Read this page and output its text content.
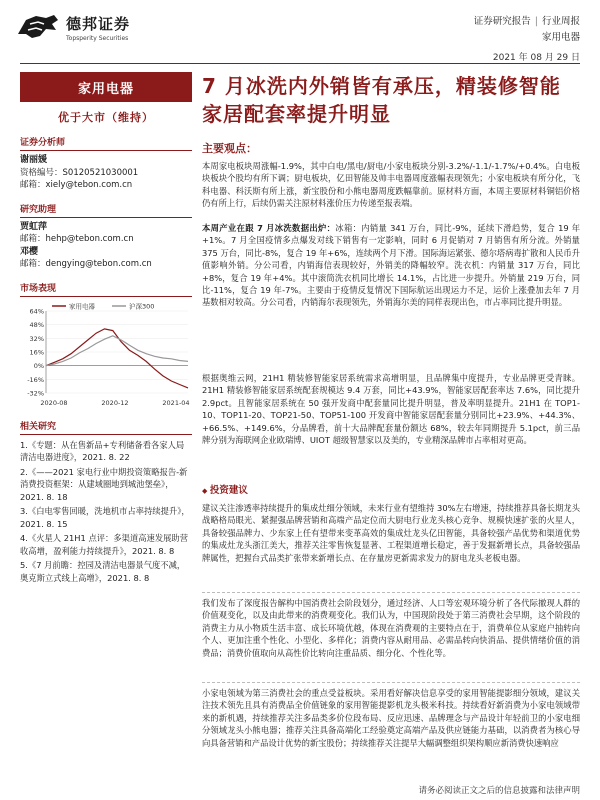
德邦证券
Topsperity Securities
证券研究报告 | 行业周报
家用电器
2021 年 08 月 29 日
家用电器
优于大市（维持）
证券分析师
谢丽媛
资格编号：S0120521030001
邮箱：xiely@tebon.com.cn
研究助理
贾虹萍
邮箱：hehp@tebon.com.cn
邓樱
邮箱：dengying@tebon.com.cn
市场表现
64%
48%
32%
16%
0%
-16%
-32%
2020-08	2020-12	2021-04
家用电器	沪深300
相关研究

1.《专题：从在售新品+专利储备看各家人局清洁电器进度》，2021. 8. 22

2.《——2021 家电行业中期投资策略报告-新消费投资框架：从建域圈地到城池堡垒》，2021. 8. 18

3.《白电零售回暖，洗地机市占率持续提升》，2021. 8. 15

4.《火星人 21H1 点评：多渠道高速发展助营收高增，盈利能力持续提升》，2021. 8. 8

5.《7 月前瞻：控园及清洁电器景气度不减，奥克斯立式线上高增》，2021. 8. 8

7 月冰洗内外销皆有承压，精装修智能家居配套率提升明显
主要观点：
本周家电板块周涨幅-1.9%，其中白电/黑电/厨电/小家电板块分别-3.2%/-1.1/-1.7%/+0.4%。白电板块板块个股均有所下调；厨电板块，亿田智能及帅丰电器周度涨幅表现领先；小家电板块有所分化，飞科电器、科沃斯有所上涨，新宝股份和小熊电器周度跌幅靠前。原材料方面，本周主要原材料铜铝价格仍有所上行，后续仍需关注原材料涨价压力传递至报表端。
本周产业在跟 7 月冰洗数据出炉：冰箱：内销量 341 万台，同比-9%，延续下滑趋势，复合 19 年+1%。7 月全国疫情多点爆发对线下销售有一定影响，同时 6 月促销对 7 月销售有所分流。外销量 375 万台，同比-8%，复合 19 年+6%，连续两个月下滑。国际海运紧张、德尔塔病毒扩散和人民币升值影响外销。分公司看，内销海信表现较好，外销美的降幅较窄。洗衣机：内销量 317 万台，同比+8%，复合 19 年+4%。其中滚筒洗衣机同比增长 14.1%，占比进一步提升。外销量 219 万台，同比-11%，复合 19 年-7%。主要由于疫情反复情况下国际航运出现运力不足，运价上涨叠加去年 7 月基数相对较高。分公司看，内销海尔表现领先，外销海尔美的同样表现出色，市占率同比提升明显。
根据奥维云网，21H1 精装修智能家居系统需求高增明显，且品牌集中度提升，专业品牌更受青睐。21H1 精装修智能家居系统配套规模达 9.4 万套，同比+43.9%，智能家居配套率达 7.6%，同比提升 2.9pct。且智能家居系统在 50 强开发商中配套量同比提升明显，普及率明显提升。21H1 在 TOP1-10、TOP11-20、TOP21-50、TOP51-100 开发商中智能家居配套量分别同比+23.9%、+44.3%、+66.5%、+149.6%，分品牌看，前十大品牌配套量份额达 68%，较去年同期提升 5.1pct，前三品牌分别为海联网企业欧瑞博、UIOT 超级智慧家以及美的，专业精深品牌市占率相对更高。
◆ 投资建议
建议关注渗透率持续提升的集成灶细分领域，未来行业有望维持 30%左右增速，持续推荐具备长期龙头战略格局眼光、紧握强品牌营销和高端产品定位而大厨电行业龙头核心竞争、规模快速扩张的火星人，具备较强品牌力、少东家上任有望带来变革高效的集成灶龙头亿田智能，具备较强产品优势和渠道优势的集成灶龙头浙江美大，推荐关注零售恢复显著、工程渠道增长稳定，善于发掘新增长点，具备较强品牌属性，把握台式品类扩张带来新增长点、在存量房更新需求发力的厨电龙头老板电器。
我们发布了深度报告解构中国消费社会阶段划分，通过经济、人口等宏观环境分析了各代际撤现人群的价值观变化，以及由此带来的消费观变化。我们认为，中国现阶段处于第三消费社会早期，这个阶段的消费主力从小物质生活丰富、成长环境优越，体现在消费观的主要特点在于，消费单位从家庭户抽转向个人、更加注重个性化、小型化、多样化；消费内容从耐用品、必需品转向快消品、提供情绪价值的消费品；消费价值取向从高性价比转向注重品质、细分化、个性化等。
小家电领域为第三消费社会的重点受益板块。采用看好解决信息享受的家用智能提影细分领域，建议关注技术领先且具有消费品全价值链象的家用智能提影机龙头极米科技。持续看好新消费为小家电领域带来的新机遇，持续推荐关注多品类多价位段布局、反应迅速、品牌理念与产品设计年轻前卫的小家电细分领域龙头小熊电器；推荐关注具备高端化工经验奠定高端产品及供应链能力基础，以消费者为核心导向具备营销和产品设计优势的新宝股份；持续推荐关注提早大幅调整组织架构顺应新消费快速响应
请务必阅读正文之后的信息披露和法律声明
